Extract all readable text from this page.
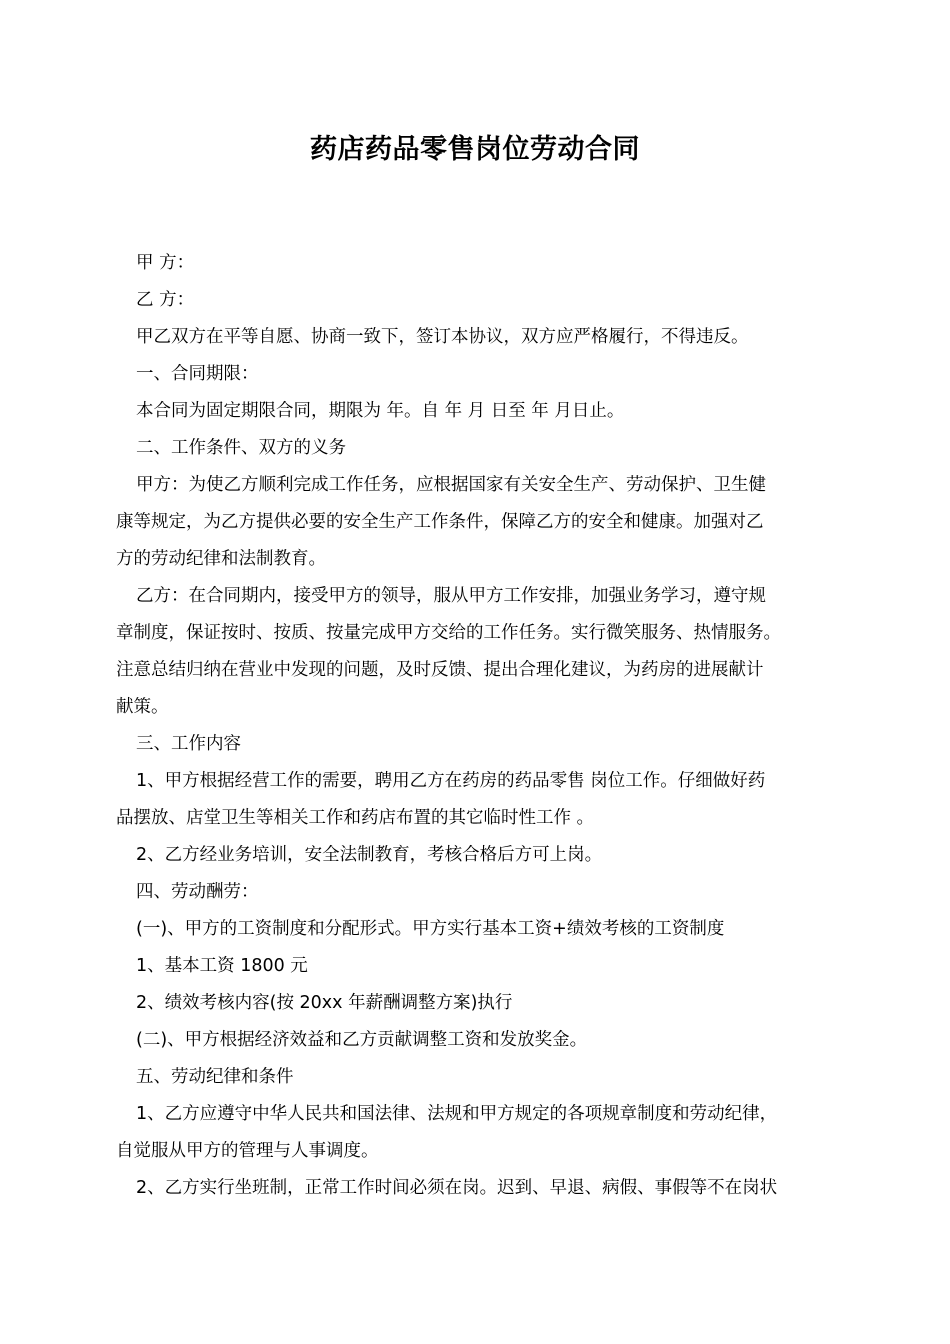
药店药品零售岗位劳动合同

甲 方：

乙 方：

甲乙双方在平等自愿、协商一致下，签订本协议，双方应严格履行，不得违反。

一、合同期限：

本合同为固定期限合同，期限为 年。自 年 月 日至 年 月日止。

二、工作条件、双方的义务

甲方：为使乙方顺利完成工作任务，应根据国家有关安全生产、劳动保护、卫生健
康等规定，为乙方提供必要的安全生产工作条件，保障乙方的安全和健康。加强对乙
方的劳动纪律和法制教育。
乙方：在合同期内，接受甲方的领导，服从甲方工作安排，加强业务学习，遵守规
章制度，保证按时、按质、按量完成甲方交给的工作任务。实行微笑服务、热情服务。
注意总结归纳在营业中发现的问题，及时反馈、提出合理化建议，为药房的进展献计
献策。

三、工作内容

1、甲方根据经营工作的需要，聘用乙方在药房的药品零售 岗位工作。仔细做好药
品摆放、店堂卫生等相关工作和药店布置的其它临时性工作 。

2、乙方经业务培训，安全法制教育，考核合格后方可上岗。

四、劳动酬劳：

(一)、甲方的工资制度和分配形式。甲方实行基本工资+绩效考核的工资制度

1、基本工资 1800 元

2、绩效考核内容(按 20xx 年薪酬调整方案)执行

(二)、甲方根据经济效益和乙方贡献调整工资和发放奖金。

五、劳动纪律和条件

1、乙方应遵守中华人民共和国法律、法规和甲方规定的各项规章制度和劳动纪律，
自觉服从甲方的管理与人事调度。
2、乙方实行坐班制，正常工作时间必须在岗。迟到、早退、病假、事假等不在岗状
